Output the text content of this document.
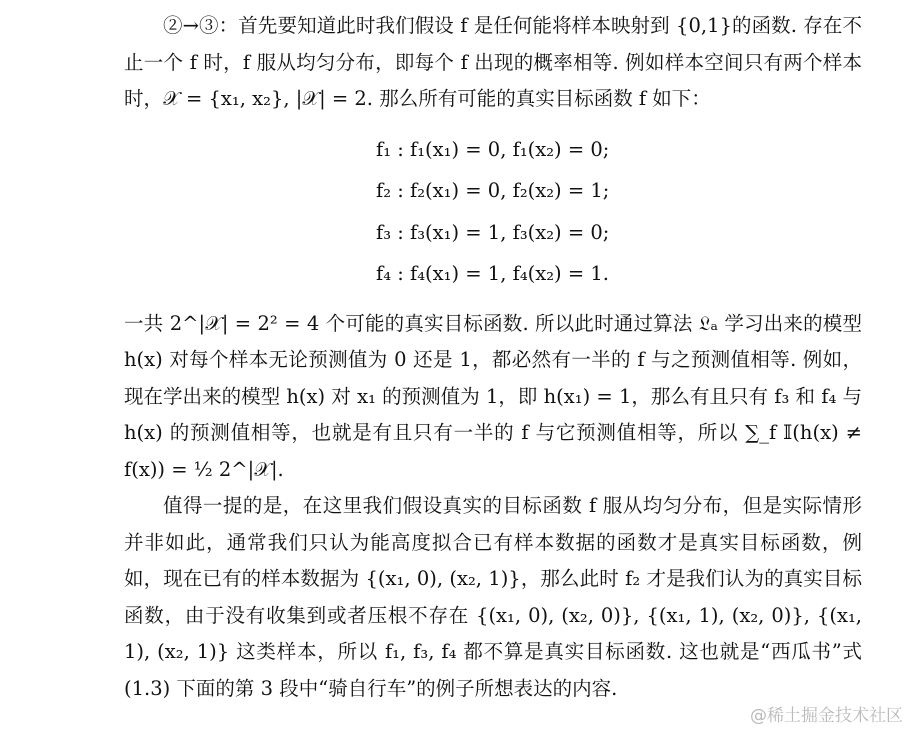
②→③：首先要知道此时我们假设 f 是任何能将样本映射到 {0,1}的函数. 存在不止一个 f 时，f 服从均匀分布，即每个 f 出现的概率相等. 例如样本空间只有两个样本时，𝒳 = {x₁, x₂}, |𝒳| = 2. 那么所有可能的真实目标函数 f 如下：

f₁ : f₁(x₁) = 0, f₁(x₂) = 0;
f₂ : f₂(x₁) = 0, f₂(x₂) = 1;
f₃ : f₃(x₁) = 1, f₃(x₂) = 0;
f₄ : f₄(x₁) = 1, f₄(x₂) = 1.

一共 2^|𝒳| = 2² = 4 个可能的真实目标函数. 所以此时通过算法 𝔏ₐ 学习出来的模型 h(x) 对每个样本无论预测值为 0 还是 1，都必然有一半的 f 与之预测值相等. 例如，现在学出来的模型 h(x) 对 x₁ 的预测值为 1，即 h(x₁) = 1，那么有且只有 f₃ 和 f₄ 与 h(x) 的预测值相等，也就是有且只有一半的 f 与它预测值相等，所以 ∑_f 𝕀(h(x) ≠ f(x)) = ½ 2^|𝒳|.

值得一提的是，在这里我们假设真实的目标函数 f 服从均匀分布，但是实际情形并非如此，通常我们只认为能高度拟合已有样本数据的函数才是真实目标函数，例如，现在已有的样本数据为 {(x₁, 0), (x₂, 1)}，那么此时 f₂ 才是我们认为的真实目标函数，由于没有收集到或者压根不存在 {(x₁, 0), (x₂, 0)}, {(x₁, 1), (x₂, 0)}, {(x₁, 1), (x₂, 1)} 这类样本，所以 f₁, f₃, f₄ 都不算是真实目标函数. 这也就是“西瓜书”式 (1.3) 下面的第 3 段中“骑自行车”的例子所想表达的内容.

@稀土掘金技术社区
